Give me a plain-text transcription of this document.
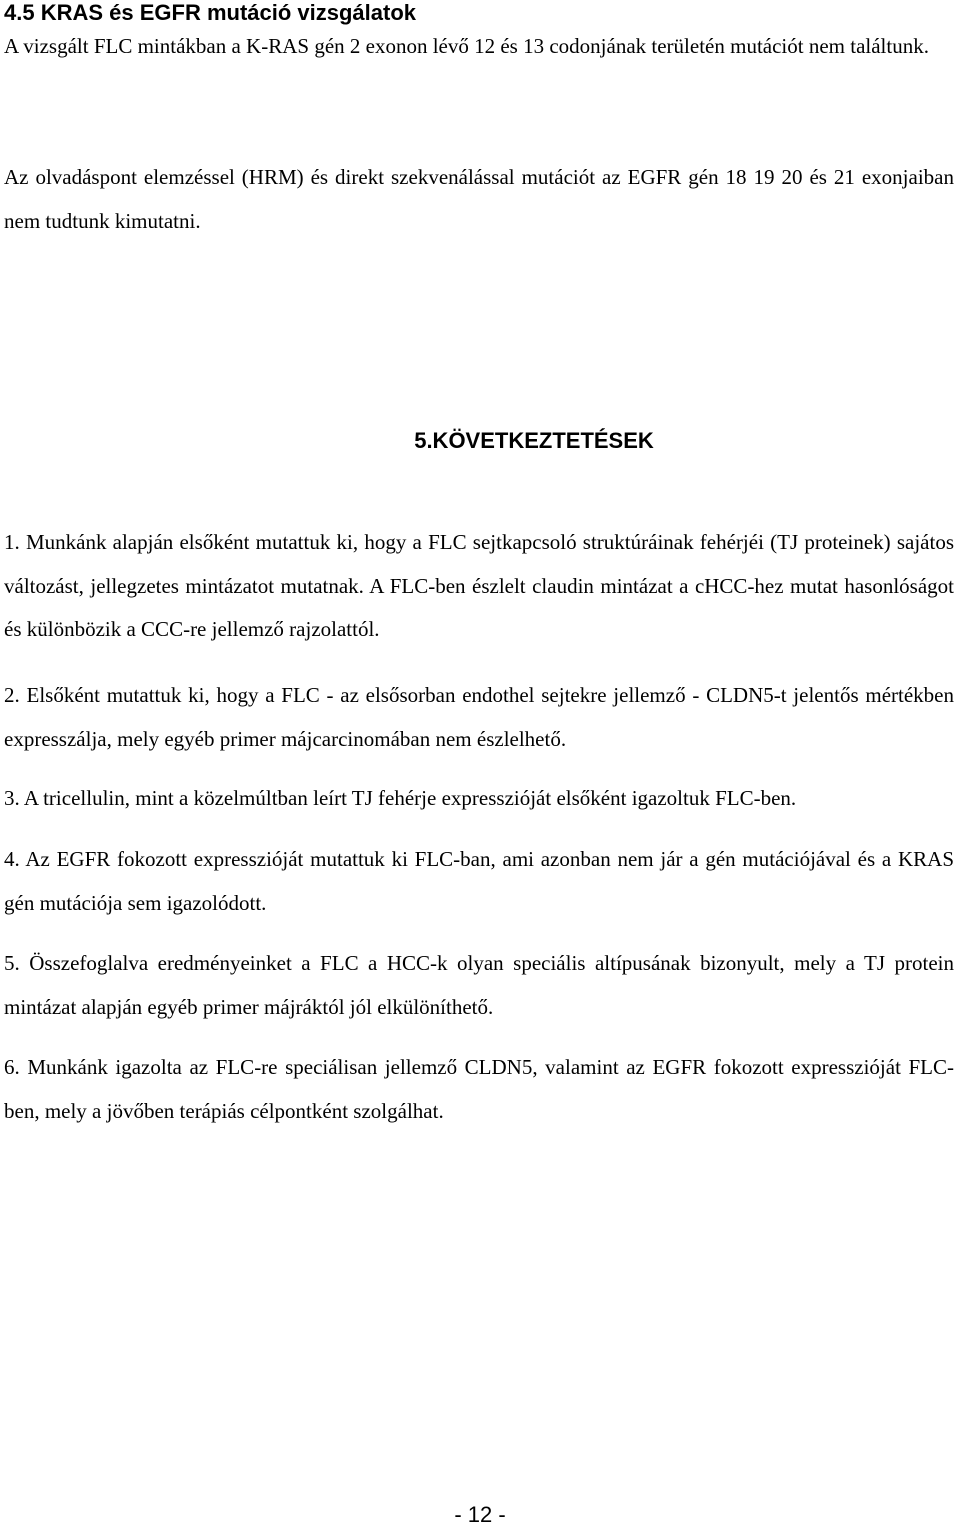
4.5 KRAS és EGFR mutáció vizsgálatok

A vizsgált FLC mintákban a K-RAS gén 2 exonon lévő 12 és 13 codonjának területén mutációt nem találtunk.

Az olvadáspont elemzéssel (HRM) és direkt szekvenálással mutációt az EGFR gén 18 19 20 és 21 exonjaiban nem tudtunk kimutatni.

5.KÖVETKEZTETÉSEK

1. Munkánk alapján elsőként mutattuk ki, hogy a FLC sejtkapcsoló struktúráinak fehérjéi (TJ proteinek) sajátos változást, jellegzetes mintázatot mutatnak. A FLC-ben észlelt claudin mintázat a cHCC-hez mutat hasonlóságot és különbözik a CCC-re jellemző rajzolattól.

2. Elsőként mutattuk ki, hogy a FLC - az elsősorban endothel sejtekre jellemző - CLDN5-t jelentős mértékben expresszálja, mely egyéb primer májcarcinomában nem észlelhető.

3. A tricellulin, mint a közelmúltban leírt TJ fehérje expresszióját elsőként igazoltuk FLC-ben.

4. Az EGFR fokozott expresszióját mutattuk ki FLC-ban, ami azonban nem jár a gén mutációjával és a KRAS gén mutációja sem igazolódott.

5. Összefoglalva eredményeinket a FLC a HCC-k olyan speciális altípusának bizonyult, mely a TJ protein mintázat alapján egyéb primer májráktól jól elkülöníthető.

6. Munkánk igazolta az FLC-re speciálisan jellemző CLDN5, valamint az EGFR fokozott expresszióját FLC-ben, mely a jövőben terápiás célpontként szolgálhat.

- 12 -
